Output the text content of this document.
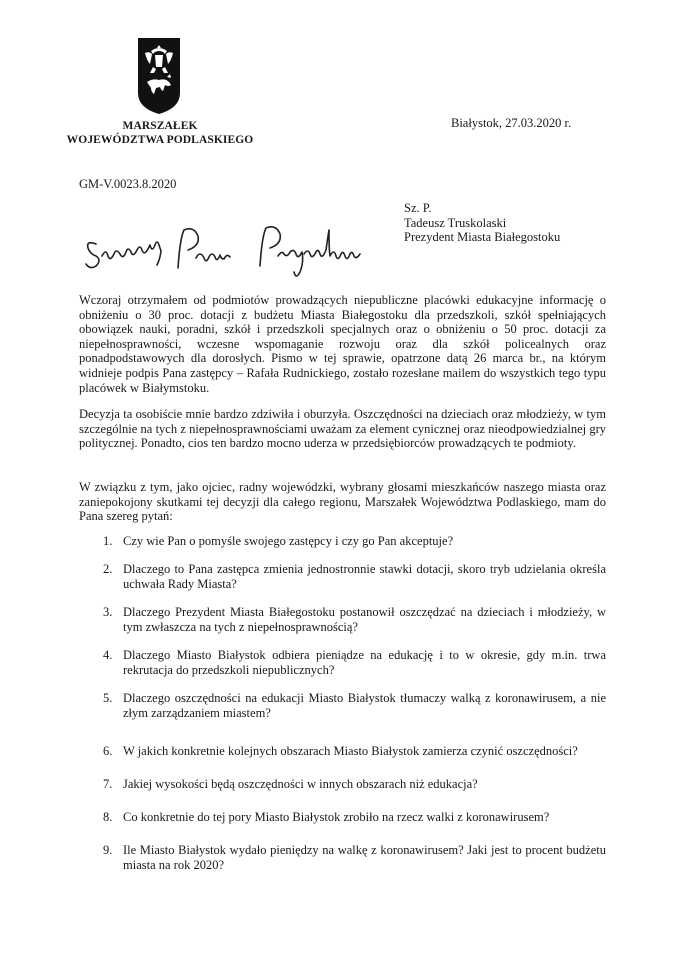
MARSZAŁEK
WOJEWÓDZTWA PODLASKIEGO
Białystok, 27.03.2020 r.
GM-V.0023.8.2020
Sz. P.
Tadeusz Truskolaski
Prezydent Miasta Białegostoku

Wczoraj otrzymałem od podmiotów prowadzących niepubliczne placówki edukacyjne informację o obniżeniu o 30 proc. dotacji z budżetu Miasta Białegostoku dla przedszkoli, szkół spełniających obowiązek nauki, poradni, szkół i przedszkoli specjalnych oraz o obniżeniu o 50 proc. dotacji za niepełnosprawności, wczesne wspomaganie rozwoju oraz dla szkół policealnych oraz ponadpodstawowych dla dorosłych. Pismo w tej sprawie, opatrzone datą 26 marca br., na którym widnieje podpis Pana zastępcy – Rafała Rudnickiego, zostało rozesłane mailem do wszystkich tego typu placówek w Białymstoku.

Decyzja ta osobiście mnie bardzo zdziwiła i oburzyła. Oszczędności na dzieciach oraz młodzieży, w tym szczególnie na tych z niepełnosprawnościami uważam za element cynicznej oraz nieodpowiedzialnej gry politycznej. Ponadto, cios ten bardzo mocno uderza w przedsiębiorców prowadzących te podmioty.

W związku z tym, jako ojciec, radny wojewódzki, wybrany głosami mieszkańców naszego miasta oraz zaniepokojony skutkami tej decyzji dla całego regionu, Marszałek Województwa Podlaskiego, mam do Pana szereg pytań:

1. Czy wie Pan o pomyśle swojego zastępcy i czy go Pan akceptuje?
2. Dlaczego to Pana zastępca zmienia jednostronnie stawki dotacji, skoro tryb udzielania określa uchwała Rady Miasta?
3. Dlaczego Prezydent Miasta Białegostoku postanowił oszczędzać na dzieciach i młodzieży, w tym zwłaszcza na tych z niepełnosprawnością?
4. Dlaczego Miasto Białystok odbiera pieniądze na edukację i to w okresie, gdy m.in. trwa rekrutacja do przedszkoli niepublicznych?
5. Dlaczego oszczędności na edukacji Miasto Białystok tłumaczy walką z koronawirusem, a nie złym zarządzaniem miastem?
6. W jakich konkretnie kolejnych obszarach Miasto Białystok zamierza czynić oszczędności?
7. Jakiej wysokości będą oszczędności w innych obszarach niż edukacja?
8. Co konkretnie do tej pory Miasto Białystok zrobiło na rzecz walki z koronawirusem?
9. Ile Miasto Białystok wydało pieniędzy na walkę z koronawirusem? Jaki jest to procent budżetu miasta na rok 2020?
